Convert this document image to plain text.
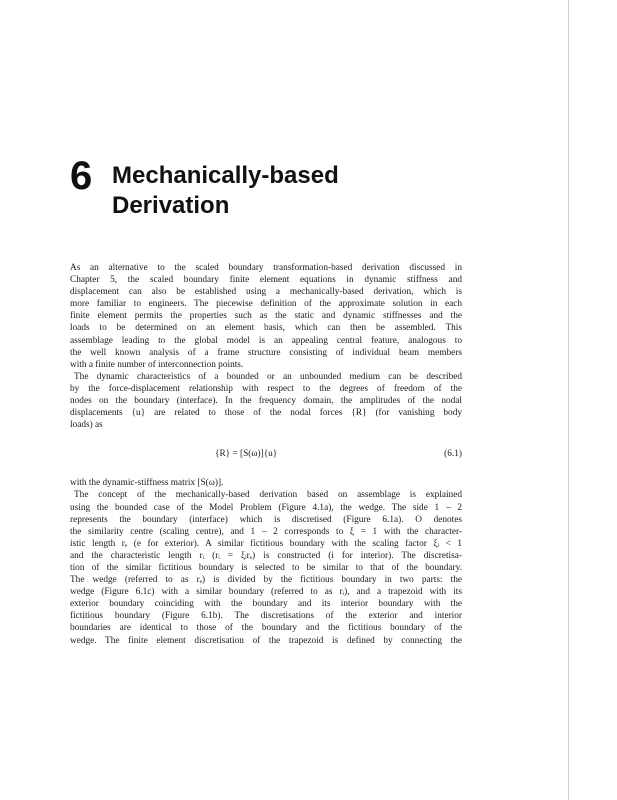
6 Mechanically-based
Derivation
As an alternative to the scaled boundary transformation-based derivation discussed in
Chapter 5, the scaled boundary finite element equations in dynamic stiffness and
displacement can also be established using a mechanically-based derivation, which is
more familiar to engineers. The piecewise definition of the approximate solution in each
finite element permits the properties such as the static and dynamic stiffnesses and the
loads to be determined on an element basis, which can then be assembled. This
assemblage leading to the global model is an appealing central feature, analogous to
the well known analysis of a frame structure consisting of individual beam members
with a finite number of interconnection points.
The dynamic characteristics of a bounded or an unbounded medium can be described
by the force-displacement relationship with respect to the degrees of freedom of the
nodes on the boundary (interface). In the frequency domain, the amplitudes of the nodal
displacements {u} are related to those of the nodal forces {R} (for vanishing body
loads) as
{R} = [S(ω)]{u}	(6.1)
with the dynamic-stiffness matrix [S(ω)].
The concept of the mechanically-based derivation based on assemblage is explained
using the bounded case of the Model Problem (Figure 4.1a), the wedge. The side 1 – 2
represents the boundary (interface) which is discretised (Figure 6.1a). O denotes
the similarity centre (scaling centre), and 1 – 2 corresponds to ξ = 1 with the character-
istic length rₑ (e for exterior). A similar fictitious boundary with the scaling factor ξᵢ < 1
and the characteristic length rᵢ (rᵢ = ξᵢrₑ) is constructed (i for interior). The discretisa-
tion of the similar fictitious boundary is selected to be similar to that of the boundary.
The wedge (referred to as rₑ) is divided by the fictitious boundary in two parts: the
wedge (Figure 6.1c) with a similar boundary (referred to as rᵢ), and a trapezoid with its
exterior boundary coinciding with the boundary and its interior boundary with the
fictitious boundary (Figure 6.1b). The discretisations of the exterior and interior
boundaries are identical to those of the boundary and the fictitious boundary of the
wedge. The finite element discretisation of the trapezoid is defined by connecting the
